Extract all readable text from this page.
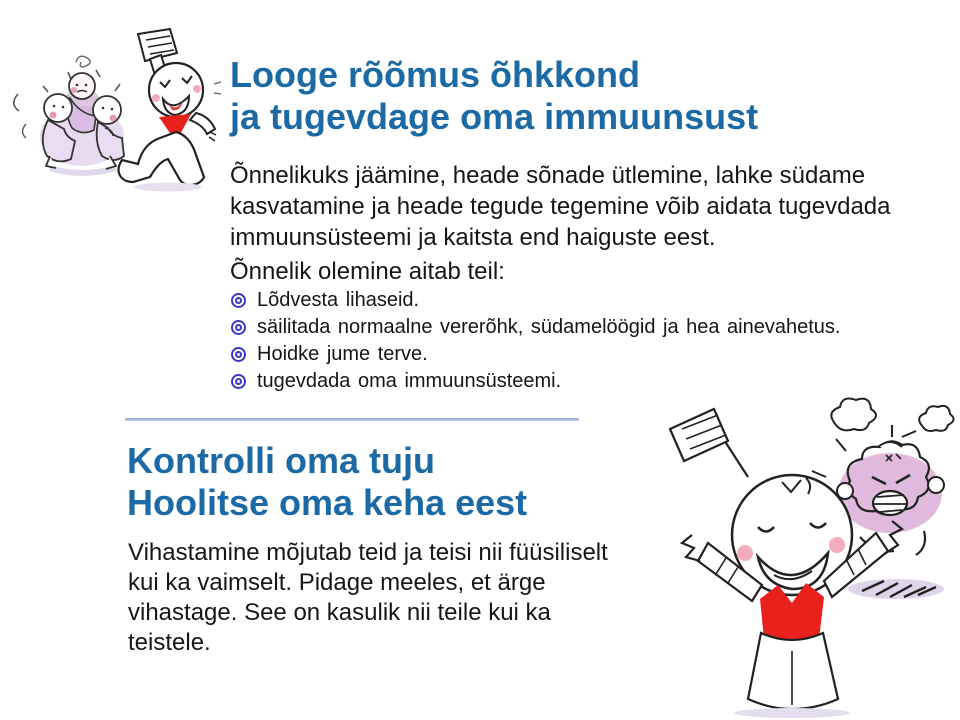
Looge rõõmus õhkkond
ja tugevdage oma immuunsust
Õnnelikuks jäämine, heade sõnade ütlemine, lahke südame
kasvatamine ja heade tegude tegemine võib aidata tugevdada
immuunsüsteemi ja kaitsta end haiguste eest.
Õnnelik olemine aitab teil:
Lõdvesta lihaseid.
säilitada normaalne vererõhk, südamelöögid ja hea ainevahetus.
Hoidke jume terve.
tugevdada oma immuunsüsteemi.
Kontrolli oma tuju
Hoolitse oma keha eest
Vihastamine mõjutab teid ja teisi nii füüsiliselt
kui ka vaimselt. Pidage meeles, et ärge
vihastage. See on kasulik nii teile kui ka
teistele.
